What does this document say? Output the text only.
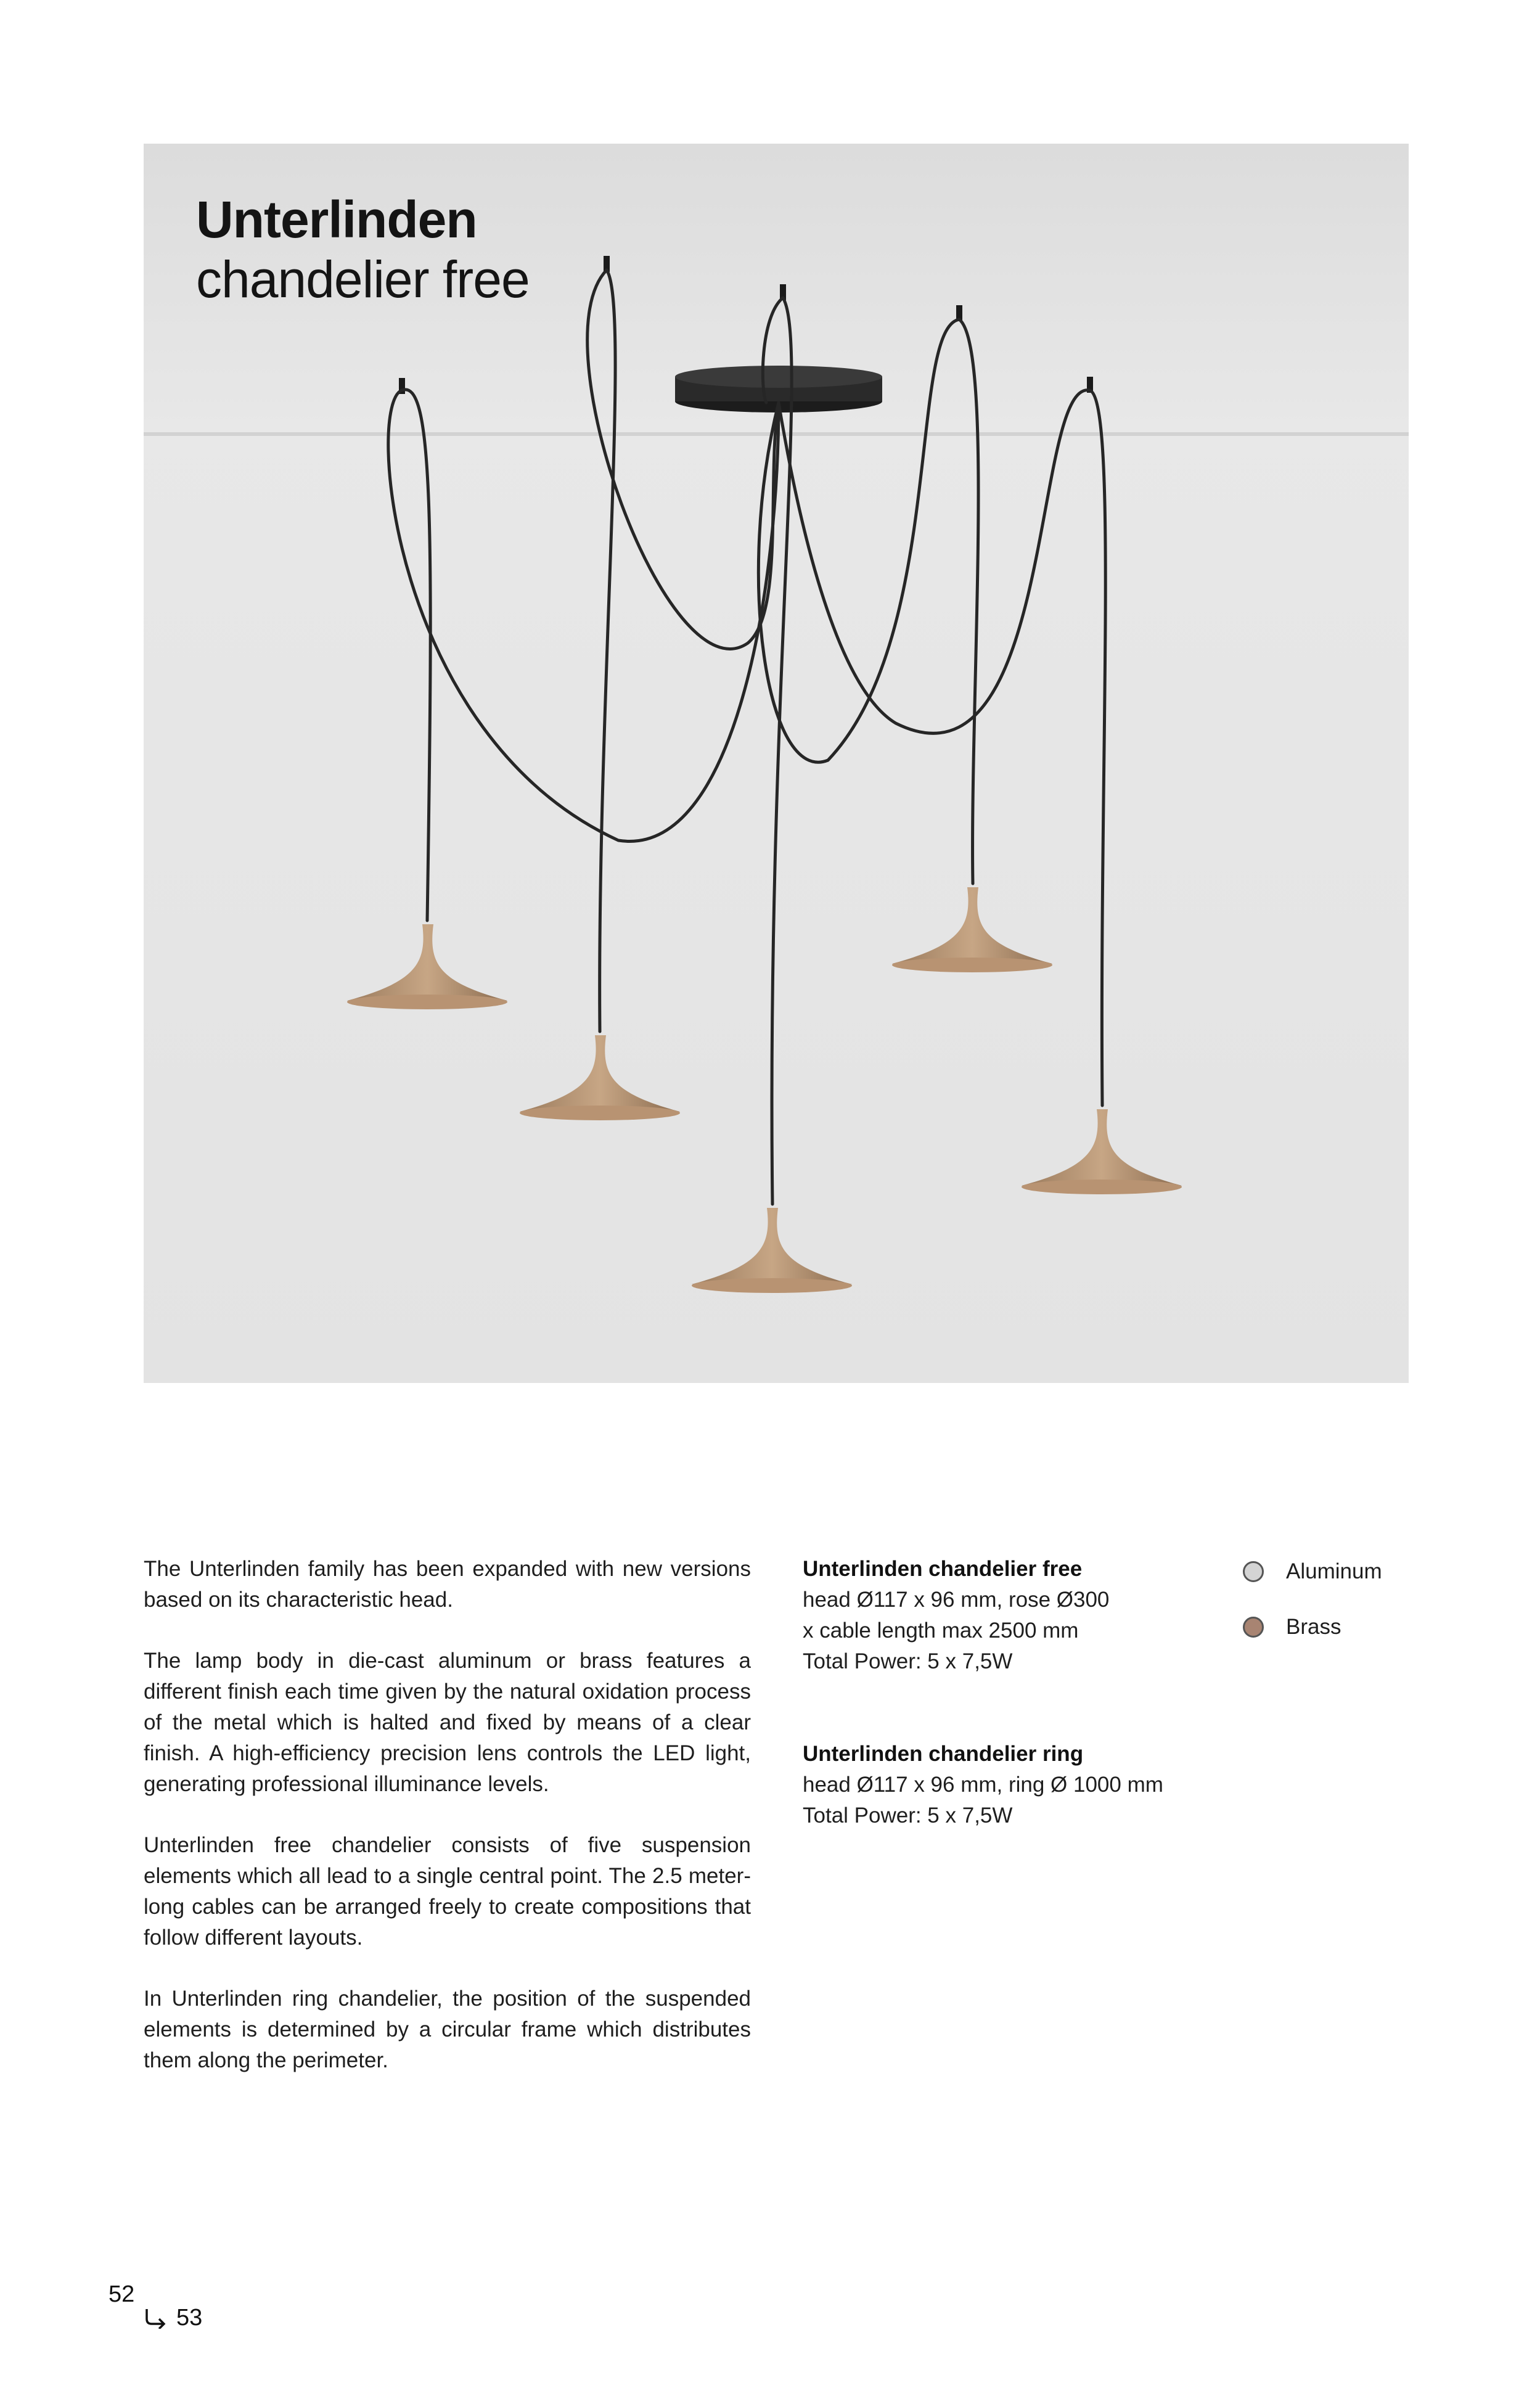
Unterlinden
chandelier free

The Unterlinden family has been expanded with new versions based on its characteristic head.

The lamp body in die-cast aluminum or brass features a different finish each time given by the natural oxidation process of the metal which is halted and fixed by means of a clear finish. A high-efficiency precision lens controls the LED light, generating professional illuminance levels.

Unterlinden free chandelier consists of five suspension elements which all lead to a single central point. The 2.5 meter-long cables can be arranged freely to create compositions that follow different layouts.

In Unterlinden ring chandelier, the position of the suspended elements is determined by a circular frame which distributes them along the perimeter.

Unterlinden chandelier free
head Ø117 x 96 mm, rose Ø300
x cable length max 2500 mm
Total Power: 5 x 7,5W
Unterlinden chandelier ring
head Ø117 x 96 mm, ring Ø 1000 mm
Total Power: 5 x 7,5W
Aluminum
Brass
52
53
